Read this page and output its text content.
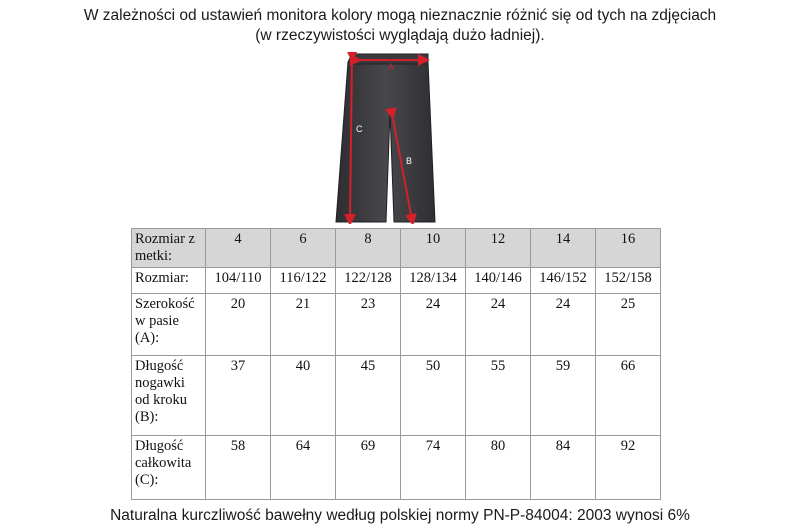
W zależności od ustawień monitora kolory mogą nieznacznie różnić się od tych na zdjęciach
(w rzeczywistości wyglądają dużo ładniej).
A
C
B
Rozmiar z metki:	4	6	8	10	12	14	16
Rozmiar:	104/110	116/122	122/128	128/134	140/146	146/152	152/158
Szerokość w pasie (A):	20	21	23	24	24	24	25
Długość nogawki od kroku (B):	37	40	45	50	55	59	66
Długość całkowita (C):	58	64	69	74	80	84	92
Naturalna kurczliwość bawełny według polskiej normy PN-P-84004: 2003 wynosi 6%
